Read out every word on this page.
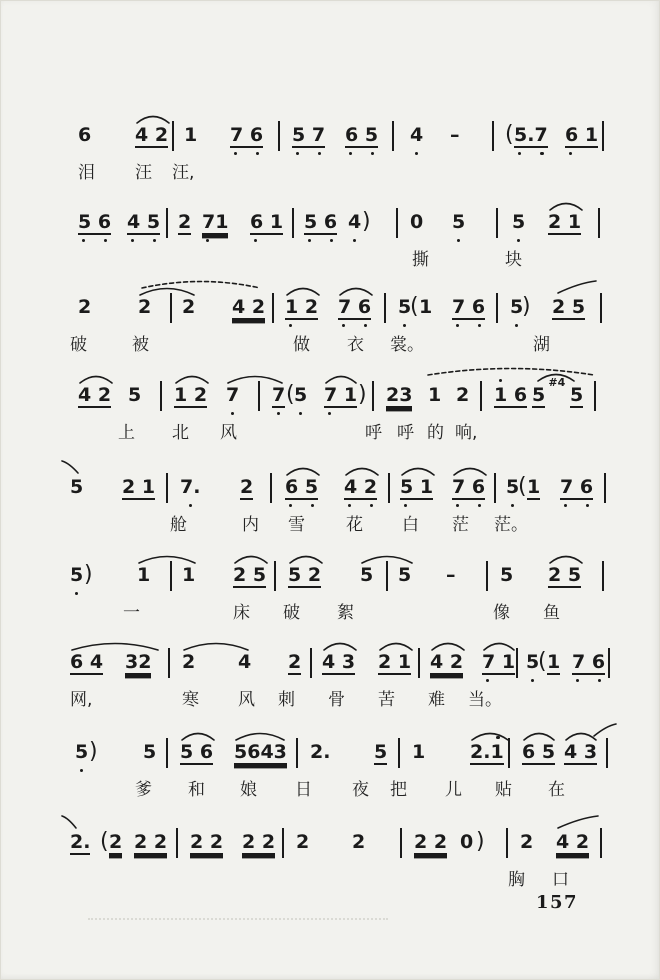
6 4 2 1 7 6 5 7 6 5 4 – ( 5.7 6 1
泪 汪 汪,
5 6 4 5 2 71 6 1 5 6 4 ) 0 5 5 2 1
撕	块
2 2 2 4 2 1 2 7 6 5
( 1 7 6 5
) 2 5
破	被	做 衣 裳。	湖
4 2 5 1 2 7 7 ( 5 7 1 ) 23 1 2 1 6 5
#4
5
上 北 风	呼 呼 的 响,
5 2 1 7. 2 6 5 4 2 5 1 7 6 5
( 1 7 6
舱	内 雪 花 白 茫 茫。
5 ) 1 1 2 5 5 2 5 5 – 5 2 5
一	床 破 絮	像 鱼
6 4 32 2 4 2 4 3 2 1 4 2 7 1 5
( 1 7 6
网,	寒 风 刺 骨 苦 难 当。
5 ) 5 5 6 5643 2. 5 1 2.1 6 5 4 3
爹 和 娘 日 夜 把 儿 贴 在
2. ( 2 2 2 2 2 2 2 2 2	2 2 0 ) 2 4 2
胸 口
157
